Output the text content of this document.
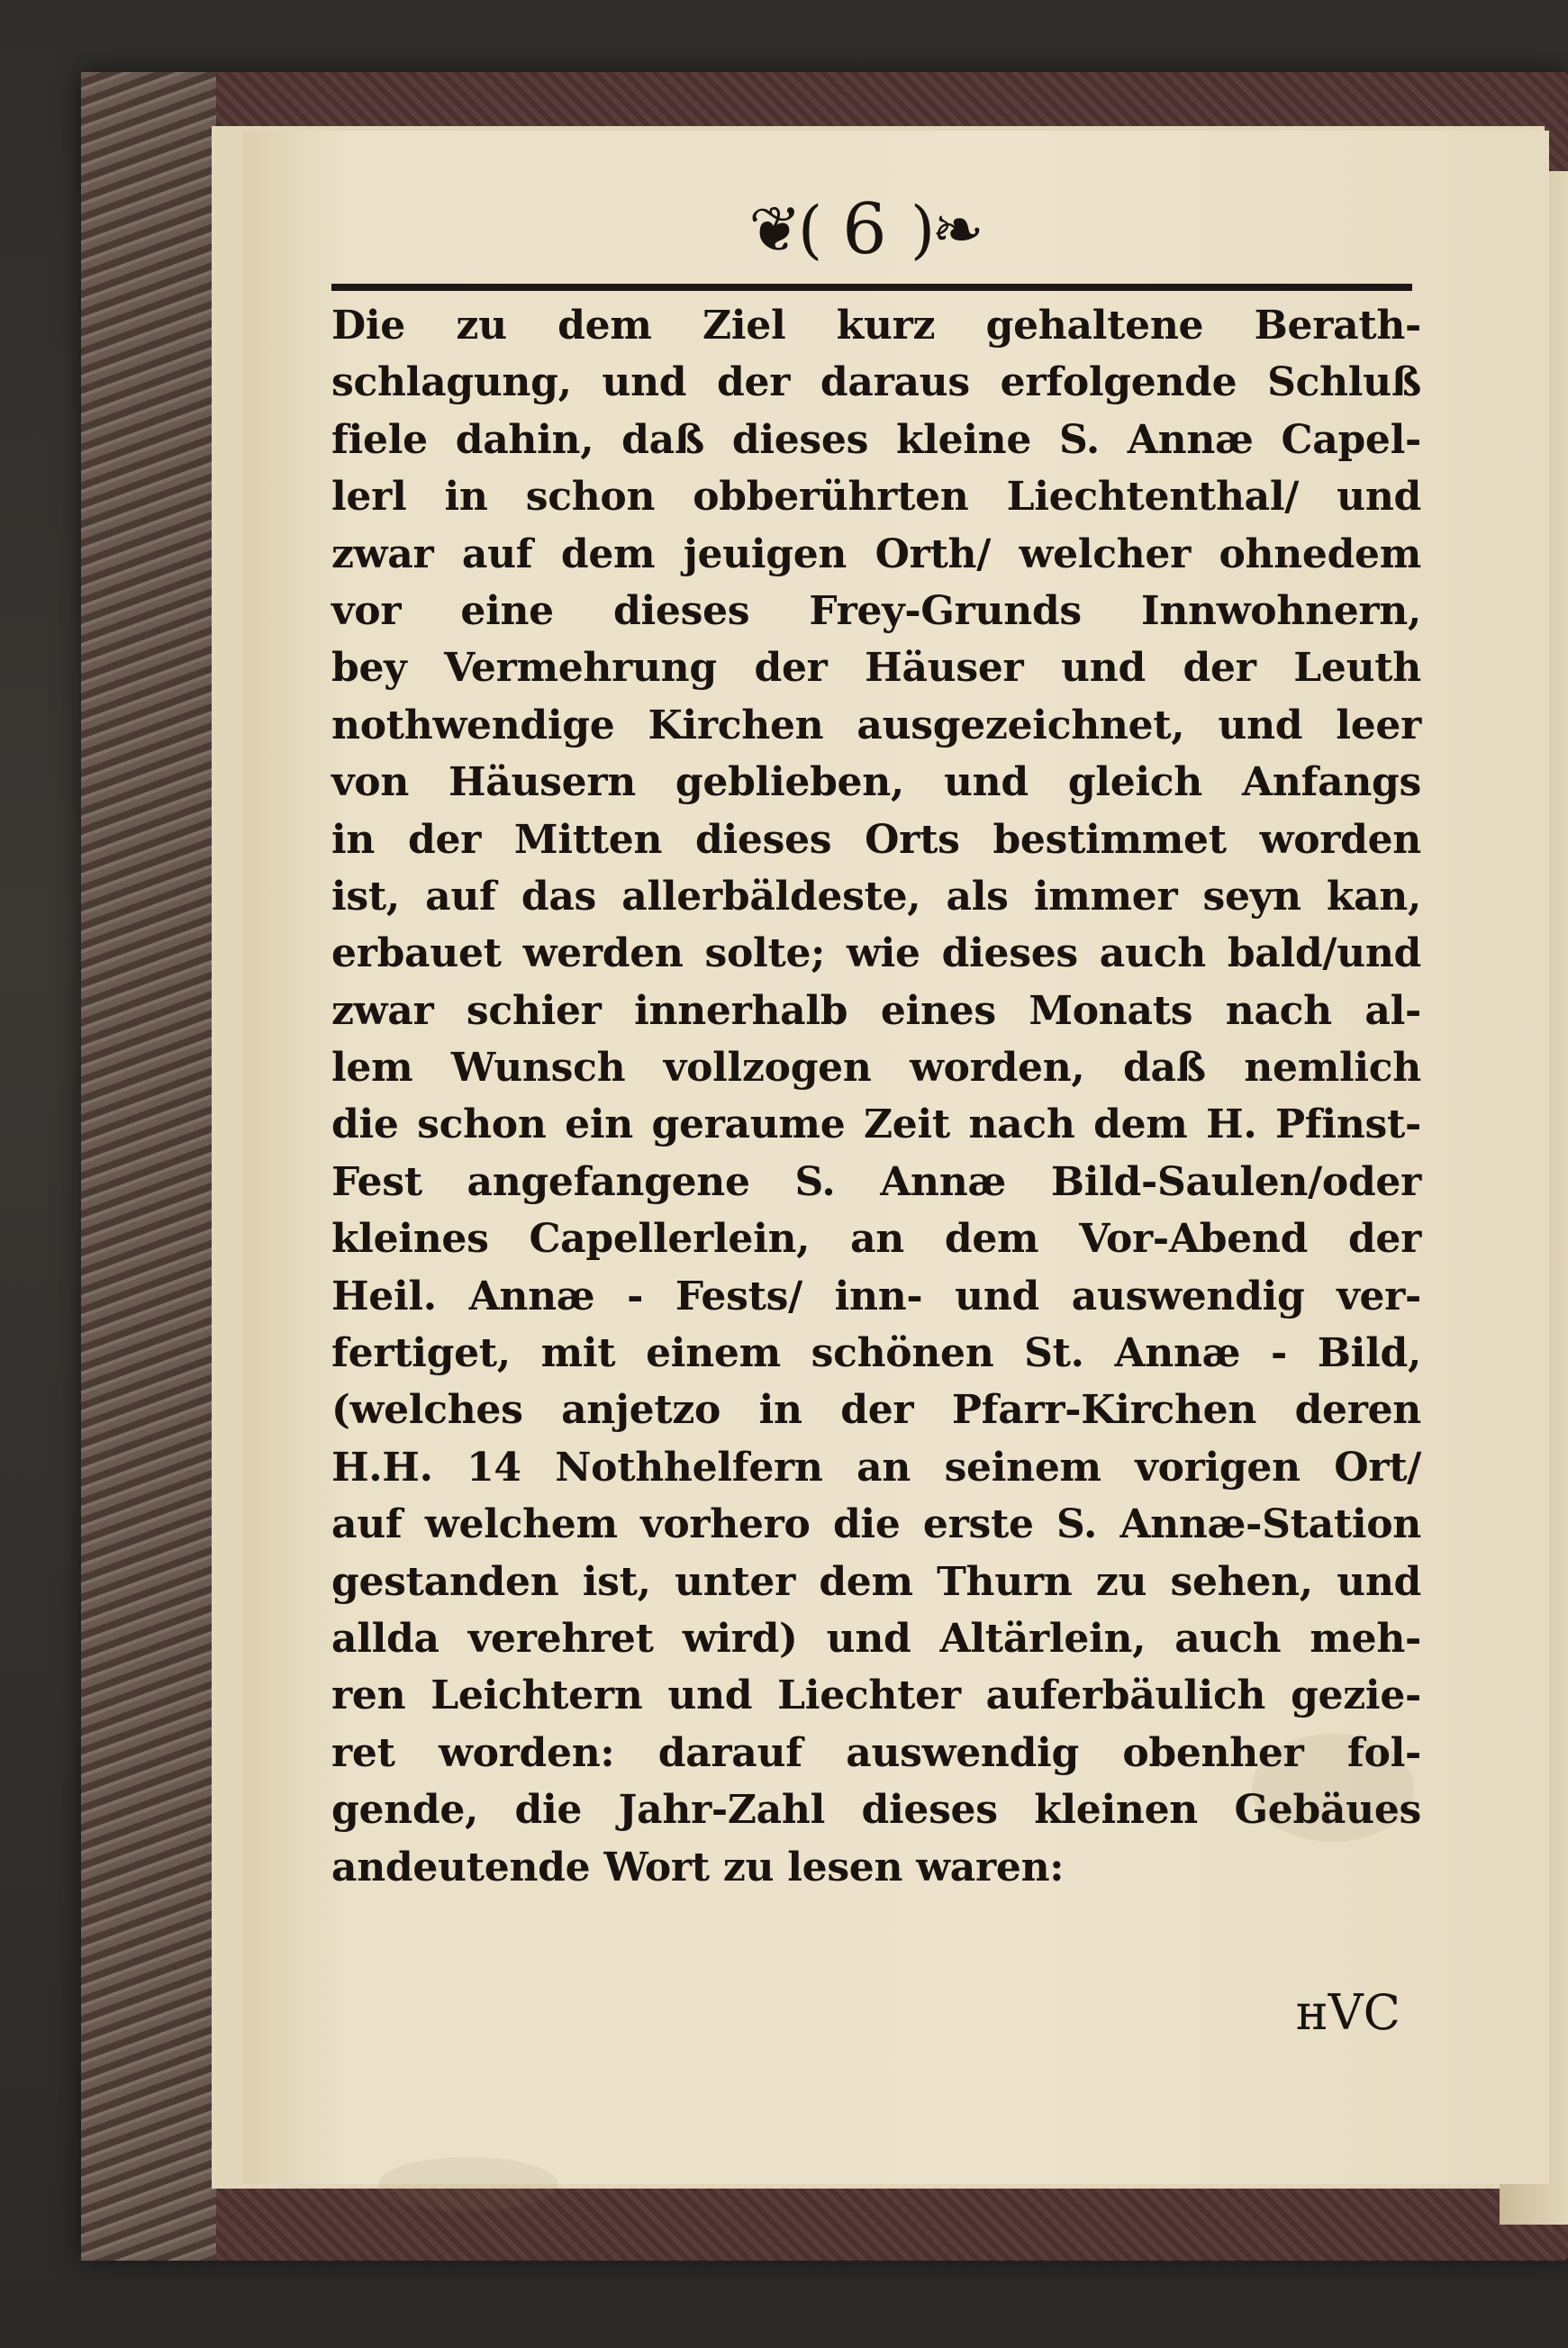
❦( 6 )❧
Die zu dem Ziel kurz gehaltene Berath-
schlagung, und der daraus erfolgende Schluß
fiele dahin, daß dieses kleine S. Annæ Capel-
lerl in schon obberührten Liechtenthal/ und
zwar auf dem jeuigen Orth/ welcher ohnedem
vor eine dieses Frey-Grunds Innwohnern,
bey Vermehrung der Häuser und der Leuth
nothwendige Kirchen ausgezeichnet, und leer
von Häusern geblieben, und gleich Anfangs
in der Mitten dieses Orts bestimmet worden
ist, auf das allerbäldeste, als immer seyn kan,
erbauet werden solte; wie dieses auch bald/und
zwar schier innerhalb eines Monats nach al-
lem Wunsch vollzogen worden, daß nemlich
die schon ein geraume Zeit nach dem H. Pfinst-
Fest angefangene S. Annæ Bild-Saulen/oder
kleines Capellerlein, an dem Vor-Abend der
Heil. Annæ - Fests/ inn- und auswendig ver-
fertiget, mit einem schönen St. Annæ - Bild,
(welches anjetzo in der Pfarr-Kirchen deren
H.H. 14 Nothhelfern an seinem vorigen Ort/
auf welchem vorhero die erste S. Annæ-Station
gestanden ist, unter dem Thurn zu sehen, und
allda verehret wird) und Altärlein, auch meh-
ren Leichtern und Liechter auferbäulich gezie-
ret worden: darauf auswendig obenher fol-
gende, die Jahr-Zahl dieses kleinen Gebäues
andeutende Wort zu lesen waren:
ʜVC
